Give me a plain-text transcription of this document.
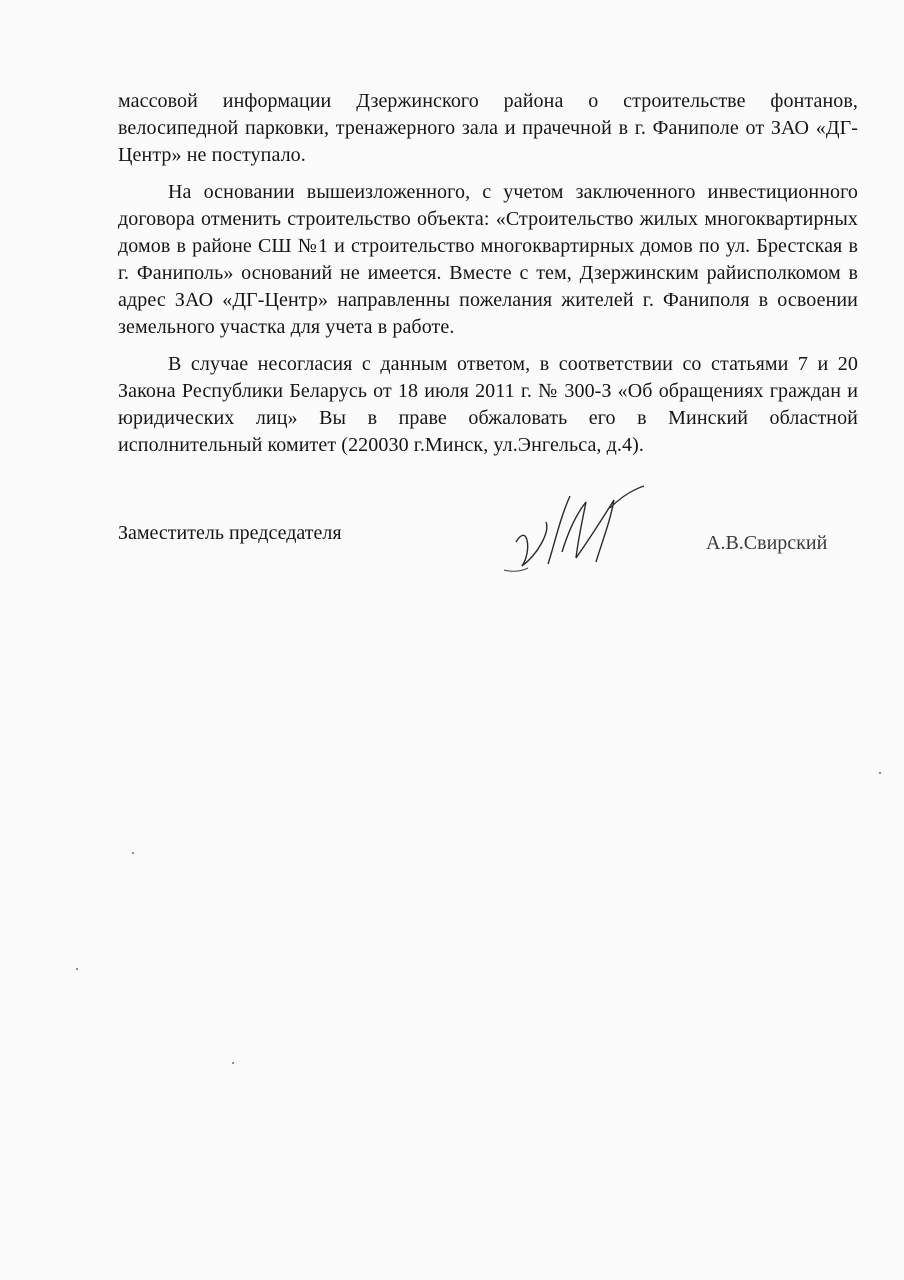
массовой информации Дзержинского района о строительстве фонтанов, велосипедной парковки, тренажерного зала и прачечной в г. Фаниполе от ЗАО «ДГ-Центр» не поступало.

На основании вышеизложенного, с учетом заключенного инвестиционного договора отменить строительство объекта: «Строительство жилых многоквартирных домов в районе СШ №1 и строительство многоквартирных домов по ул. Брестская в г. Фаниполь» оснований не имеется. Вместе с тем, Дзержинским райисполкомом в адрес ЗАО «ДГ-Центр» направленны пожелания жителей г. Фаниполя в освоении земельного участка для учета в работе.

В случае несогласия с данным ответом, в соответствии со статьями 7 и 20 Закона Республики Беларусь от 18 июля 2011 г. № 300-З «Об обращениях граждан и юридических лиц» Вы в праве обжаловать его в Минский областной исполнительный комитет (220030 г.Минск, ул.Энгельса, д.4).

Заместитель председателя	А.В.Свирский
